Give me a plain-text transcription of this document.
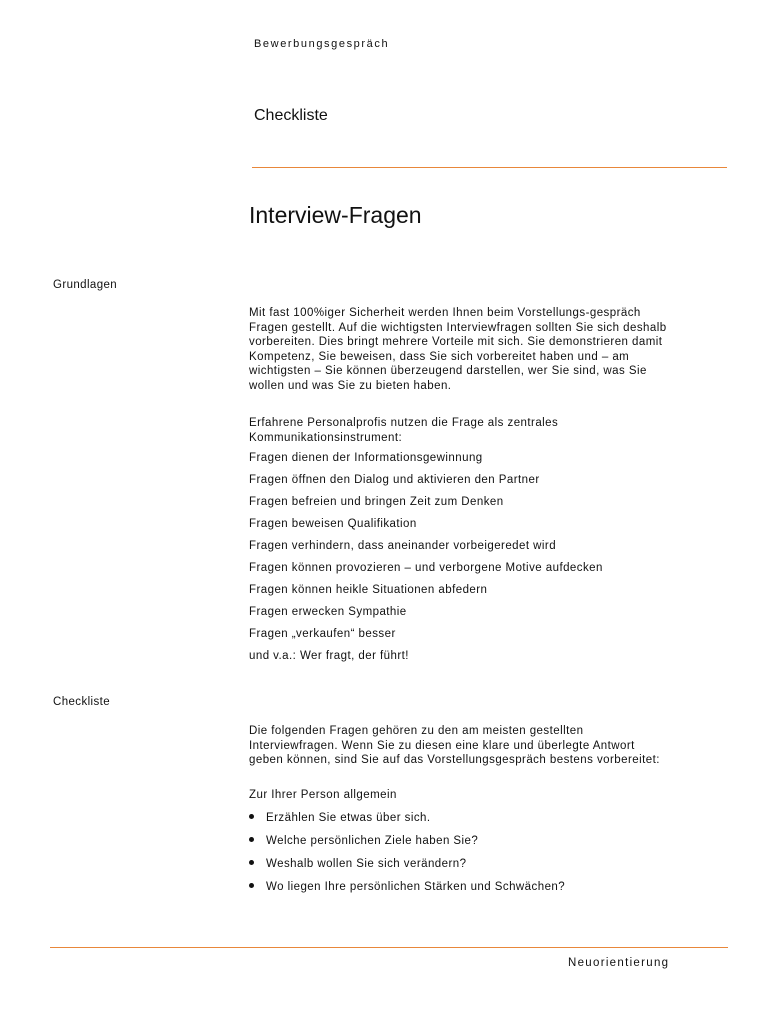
Bewerbungsgespräch
Checkliste
Interview-Fragen
Grundlagen

Mit fast 100%iger Sicherheit werden Ihnen beim Vorstellungs-gespräch Fragen gestellt. Auf die wichtigsten Interviewfragen sollten Sie sich deshalb vorbereiten. Dies bringt mehrere Vorteile mit sich. Sie demonstrieren damit Kompetenz, Sie beweisen, dass Sie sich vorbereitet haben und – am wichtigsten – Sie können überzeugend darstellen, wer Sie sind, was Sie wollen und was Sie zu bieten haben.

Erfahrene Personalprofis nutzen die Frage als zentrales Kommunikationsinstrument:

Fragen dienen der Informationsgewinnung
Fragen öffnen den Dialog und aktivieren den Partner
Fragen befreien und bringen Zeit zum Denken
Fragen beweisen Qualifikation
Fragen verhindern, dass aneinander vorbeigeredet wird
Fragen können provozieren – und verborgene Motive aufdecken
Fragen können heikle Situationen abfedern
Fragen erwecken Sympathie
Fragen „verkaufen“ besser
und v.a.: Wer fragt, der führt!
Checkliste

Die folgenden Fragen gehören zu den am meisten gestellten Interviewfragen. Wenn Sie zu diesen eine klare und überlegte Antwort geben können, sind Sie auf das Vorstellungsgespräch bestens vorbereitet:

Zur Ihrer Person allgemein
Erzählen Sie etwas über sich.
Welche persönlichen Ziele haben Sie?
Weshalb wollen Sie sich verändern?
Wo liegen Ihre persönlichen Stärken und Schwächen?
Neuorientierung
